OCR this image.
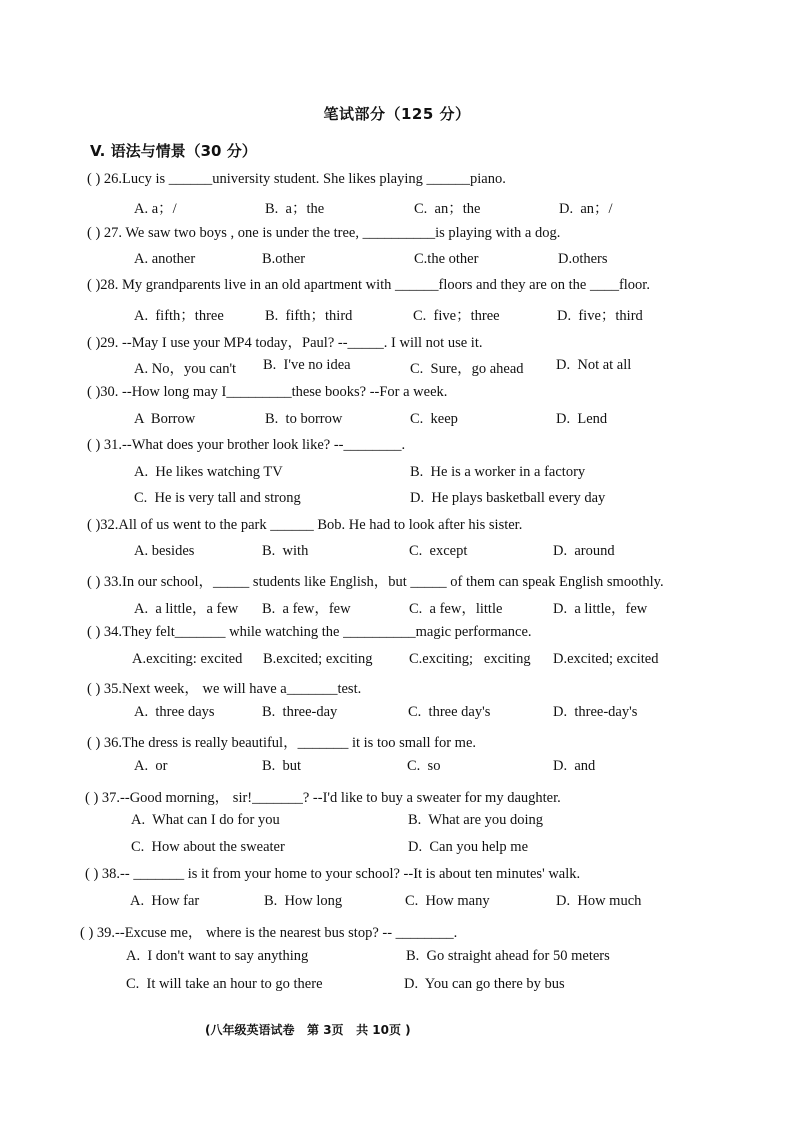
笔试部分（125 分）
V. 语法与情景（30 分）
( ) 26.Lucy is ______university student. She likes playing ______piano.
A. a；/	B.  a；the	C.  an；the	D.  an；/
( ) 27. We saw two boys , one is under the tree, __________is playing with a dog.
A. another	B.other	C.the other	D.others
( )28. My grandparents live in an old apartment with ______floors and they are on the ____floor.
A.  fifth；three	B.  fifth；third	C.  five；three	D.  five；third
( )29. --May I use your MP4 today，Paul? --_____. I will not use it.
A. No，you can't B.  I've no idea	C.  Sure，go ahead D.  Not at all
( )30. --How long may I_________these books? --For a week.
A  Borrow	B.  to borrow	C.  keep	D.  Lend
( ) 31.--What does your brother look like? --________.
A.  He likes watching TV	B.  He is a worker in a factory
C.  He is very tall and strong	D.  He plays basketball every day
( )32.All of us went to the park ______ Bob. He had to look after his sister.
A. besides	B.  with	C.  except	D.  around
( ) 33.In our school，_____ students like English，but _____ of them can speak English smoothly.
A.  a little，a few B.  a few，few	C.  a few，little	D.  a little，few
( ) 34.They felt_______ while watching the __________magic performance.
A.exciting: excited B.excited; exciting	C.exciting;   exciting D.excited; excited
( ) 35.Next week， we will have a_______test.
A.  three days	B.  three-day	C.  three day's	D.  three-day's
( ) 36.The dress is really beautiful，_______ it is too small for me.
A.  or	B.  but	C.  so	D.  and
( ) 37.--Good morning， sir!_______? --I'd like to buy a sweater for my daughter.
A.  What can I do for you	B.  What are you doing
C.  How about the sweater	D.  Can you help me
( ) 38.-- _______ is it from your home to your school? --It is about ten minutes' walk.
A.  How far	B.  How long	C.  How many	D.  How much
( ) 39.--Excuse me， where is the nearest bus stop? -- ________.
A.  I don't want to say anything	B.  Go straight ahead for 50 meters
C.  It will take an hour to go there	D.  You can go there by bus
(八年级英语试卷   第 3页   共 10页 )
